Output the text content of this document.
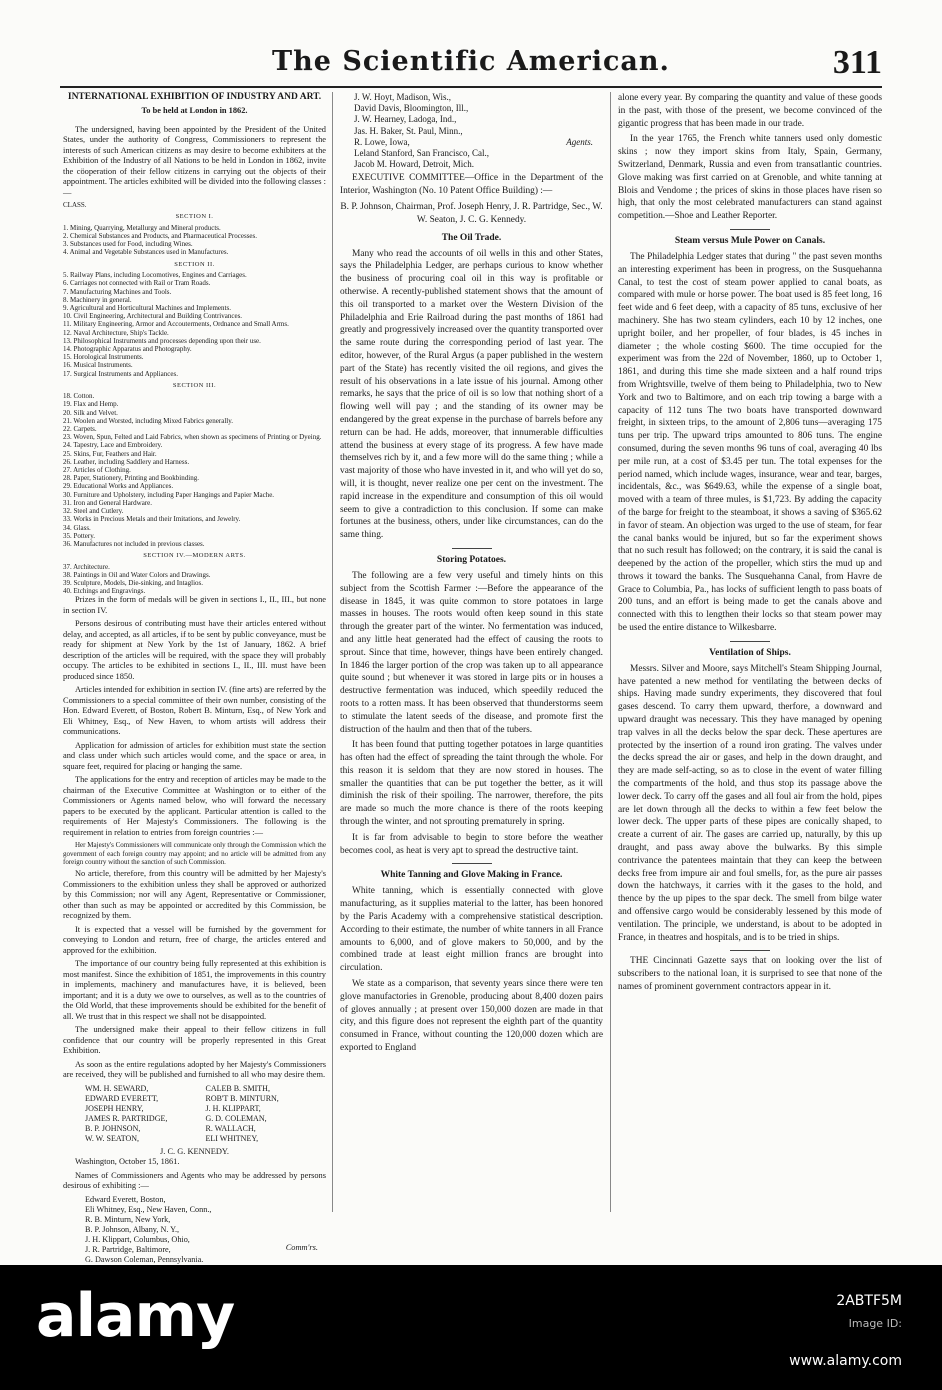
The Scientific American.	311
INTERNATIONAL EXHIBITION OF INDUSTRY AND ART.
To be held at London in 1862.

The undersigned, having been appointed by the President of the United States, under the authority of Congress, Commissioners to represent the interests of such American citizens as may desire to become exhibiters at the Exhibition of the Industry of all Nations to be held in London in 1862, invite the cöoperation of their fellow citizens in carrying out the objects of their appointment. The articles exhibited will be divided into the following classes :—

CLASS.
SECTION I.
1. Mining, Quarrying, Metallurgy and Mineral products.
2. Chemical Substances and Products, and Pharmaceutical Processes.
3. Substances used for Food, including Wines.
4. Animal and Vegetable Substances used in Manufactures.
SECTION II.
5. Railway Plans, including Locomotives, Engines and Carriages.
6. Carriages not connected with Rail or Tram Roads.
7. Manufacturing Machines and Tools.
8. Machinery in general.
9. Agricultural and Horticultural Machines and Implements.
10. Civil Engineering, Architectural and Building Contrivances.
11. Military Engineering, Armor and Accouterments, Ordnance and Small Arms.
12. Naval Architecture, Ship's Tackle.
13. Philosophical Instruments and processes depending upon their use.
14. Photographic Apparatus and Photography.
15. Horological Instruments.
16. Musical Instruments.
17. Surgical Instruments and Appliances.
SECTION III.
18. Cotton.
19. Flax and Hemp.
20. Silk and Velvet.
21. Woolen and Worsted, including Mixed Fabrics generally.
22. Carpets.
23. Woven, Spun, Felted and Laid Fabrics, when shown as specimens of Printing or Dyeing.
24. Tapestry, Lace and Embroidery.
25. Skins, Fur, Feathers and Hair.
26. Leather, including Saddlery and Harness.
27. Articles of Clothing.
28. Paper, Stationery, Printing and Bookbinding.
29. Educational Works and Appliances.
30. Furniture and Upholstery, including Paper Hangings and Papier Mache.
31. Iron and General Hardware.
32. Steel and Cutlery.
33. Works in Precious Metals and their Imitations, and Jewelry.
34. Glass.
35. Pottery.
36. Manufactures not included in previous classes.
SECTION IV.—MODERN ARTS.
37. Architecture.
38. Paintings in Oil and Water Colors and Drawings.
39. Sculpture, Models, Die-sinking, and Intaglios.
40. Etchings and Engravings.

Prizes in the form of medals will be given in sections I., II., III., but none in section IV.

Persons desirous of contributing must have their articles entered without delay, and accepted, as all articles, if to be sent by public conveyance, must be ready for shipment at New York by the 1st of January, 1862. A brief description of the articles will be required, with the space they will probably occupy. The articles to be exhibited in sections I., II., III. must have been produced since 1850.

Articles intended for exhibition in section IV. (fine arts) are referred by the Commissioners to a special committee of their own number, consisting of the Hon. Edward Everett, of Boston, Robert B. Minturn, Esq., of New York and Eli Whitney, Esq., of New Haven, to whom artists will address their communications.

Application for admission of articles for exhibition must state the section and class under which such articles would come, and the space or area, in square feet, required for placing or hanging the same.

The applications for the entry and reception of articles may be made to the chairman of the Executive Committee at Washington or to either of the Commissioners or Agents named below, who will forward the necessary papers to be executed by the applicant. Particular attention is called to the requirements of Her Majesty's Commissioners. The following is the requirement in relation to entries from foreign countries :—

Her Majesty's Commissioners will communicate only through the Commission which the government of each foreign country may appoint; and no article will be admitted from any foreign country without the sanction of such Commission.

No article, therefore, from this country will be admitted by her Majesty's Commissioners to the exhibition unless they shall be approved or authorized by this Commission; nor will any Agent, Representative or Commissioner, other than such as may be appointed or accredited by this Commission, be recognized by them.

It is expected that a vessel will be furnished by the government for conveying to London and return, free of charge, the articles entered and approved for the exhibition.

The importance of our country being fully represented at this exhibition is most manifest. Since the exhibition of 1851, the improvements in this country in implements, machinery and manufactures have, it is believed, been important; and it is a duty we owe to ourselves, as well as to the countries of the Old World, that these improvements should be exhibited for the benefit of all. We trust that in this respect we shall not be disappointed.

The undersigned make their appeal to their fellow citizens in full confidence that our country will be properly represented in this Great Exhibition.

As soon as the entire regulations adopted by her Majesty's Commissioners are received, they will be published and furnished to all who may desire them.

WM. H. SEWARD,	CALEB B. SMITH,
EDWARD EVERETT,	ROB'T B. MINTURN,
JOSEPH HENRY,	J. H. KLIPPART,
JAMES R. PARTRIDGE,	G. D. COLEMAN,
B. P. JOHNSON,	R. WALLACH,
W. W. SEATON,	ELI WHITNEY,
J. C. G. KENNEDY.

Washington, October 15, 1861.

Names of Commissioners and Agents who may be addressed by persons desirous of exhibiting :—

Edward Everett, Boston,
Eli Whitney, Esq., New Haven, Conn.,
R. B. Minturn, New York,
B. P. Johnson, Albany, N. Y.,
J. H. Klippart, Columbus, Ohio,
J. R. Partridge, Baltimore,
G. Dawson Coleman, Pennsylvania.
Comm'rs.
J. W. Hoyt, Madison, Wis.,
David Davis, Bloomington, Ill.,
J. W. Hearney, Ladoga, Ind.,
Jas. H. Baker, St. Paul, Minn.,
R. Lowe, Iowa,
Leland Stanford, San Francisco, Cal.,
Jacob M. Howard, Detroit, Mich.
Agents.

EXECUTIVE COMMITTEE—Office in the Department of the Interior, Washington (No. 10 Patent Office Building) :—

B. P. Johnson, Chairman, Prof. Joseph Henry, J. R. Partridge, Sec., W. W. Seaton, J. C. G. Kennedy.

The Oil Trade.

Many who read the accounts of oil wells in this and other States, says the Philadelphia Ledger, are perhaps curious to know whether the business of procuring coal oil in this way is profitable or otherwise. A recently-published statement shows that the amount of this oil transported to a market over the Western Division of the Philadelphia and Erie Railroad during the past months of 1861 had greatly and progressively increased over the quantity transported over the same route during the corresponding period of last year. The editor, however, of the Rural Argus (a paper published in the western part of the State) has recently visited the oil regions, and gives the result of his observations in a late issue of his journal. Among other remarks, he says that the price of oil is so low that nothing short of a flowing well will pay ; and the standing of its owner may be endangered by the great expense in the purchase of barrels before any return can be had. He adds, moreover, that innumerable difficulties attend the business at every stage of its progress. A few have made themselves rich by it, and a few more will do the same thing ; while a vast majority of those who have invested in it, and who will yet do so, will, it is thought, never realize one per cent on the investment. The rapid increase in the expenditure and consumption of this oil would seem to give a contradiction to this conclusion. If some can make fortunes at the business, others, under like circumstances, can do the same thing.

Storing Potatoes.

The following are a few very useful and timely hints on this subject from the Scottish Farmer :—Before the appearance of the disease in 1845, it was quite common to store potatoes in large masses in houses. The roots would often keep sound in this state through the greater part of the winter. No fermentation was induced, and any little heat generated had the effect of causing the roots to sprout. Since that time, however, things have been entirely changed. In 1846 the larger portion of the crop was taken up to all appearance quite sound ; but whenever it was stored in large pits or in houses a destructive fermentation was induced, which speedily reduced the roots to a rotten mass. It has been observed that thunderstorms seem to stimulate the latent seeds of the disease, and promote first the distruction of the haulm and then that of the tubers.

It has been found that putting together potatoes in large quantities has often had the effect of spreading the taint through the whole. For this reason it is seldom that they are now stored in houses. The smaller the quantities that can be put together the better, as it will diminish the risk of their spoiling. The narrower, therefore, the pits are made so much the more chance is there of the roots keeping through the winter, and not sprouting prematurely in spring.

It is far from advisable to begin to store before the weather becomes cool, as heat is very apt to spread the destructive taint.

White Tanning and Glove Making in France.

White tanning, which is essentially connected with glove manufacturing, as it supplies material to the latter, has been honored by the Paris Academy with a comprehensive statistical description. According to their estimate, the number of white tanners in all France amounts to 6,000, and of glove makers to 50,000, and by the combined trade at least eight million francs are brought into circulation.

We state as a comparison, that seventy years since there were ten glove manufactories in Grenoble, producing about 8,400 dozen pairs of gloves annually ; at present over 150,000 dozen are made in that city, and this figure does not represent the eighth part of the quantity consumed in France, without counting the 120,000 dozen which are exported to England

alone every year. By comparing the quantity and value of these goods in the past, with those of the present, we become convinced of the gigantic progress that has been made in our trade.

In the year 1765, the French white tanners used only domestic skins ; now they import skins from Italy, Spain, Germany, Switzerland, Denmark, Russia and even from transatlantic countries. Glove making was first carried on at Grenoble, and white tanning at Blois and Vendome ; the prices of skins in those places have risen so high, that only the most celebrated manufacturers can stand against competition.—Shoe and Leather Reporter.

Steam versus Mule Power on Canals.

The Philadelphia Ledger states that during " the past seven months an interesting experiment has been in progress, on the Susquehanna Canal, to test the cost of steam power applied to canal boats, as compared with mule or horse power. The boat used is 85 feet long, 16 feet wide and 6 feet deep, with a capacity of 85 tuns, exclusive of her machinery. She has two steam cylinders, each 10 by 12 inches, one upright boiler, and her propeller, of four blades, is 45 inches in diameter ; the whole costing $600. The time occupied for the experiment was from the 22d of November, 1860, up to October 1, 1861, and during this time she made sixteen and a half round trips from Wrightsville, twelve of them being to Philadelphia, two to New York and two to Baltimore, and on each trip towing a barge with a capacity of 112 tuns The two boats have transported downward freight, in sixteen trips, to the amount of 2,806 tuns—averaging 175 tuns per trip. The upward trips amounted to 806 tuns. The engine consumed, during the seven months 96 tuns of coal, averaging 40 lbs per mile run, at a cost of $3.45 per tun. The total expenses for the period named, which include wages, insurance, wear and tear, barges, incidentals, &c., was $649.63, while the expense of a single boat, moved with a team of three mules, is $1,723. By adding the capacity of the barge for freight to the steamboat, it shows a saving of $365.62 in favor of steam. An objection was urged to the use of steam, for fear the canal banks would be injured, but so far the experiment shows that no such result has followed; on the contrary, it is said the canal is deepened by the action of the propeller, which stirs the mud up and throws it toward the banks. The Susquehanna Canal, from Havre de Grace to Columbia, Pa., has locks of sufficient length to pass boats of 200 tuns, and an effort is being made to get the canals above and connected with this to lengthen their locks so that steam power may be used the entire distance to Wilkesbarre.

Ventilation of Ships.

Messrs. Silver and Moore, says Mitchell's Steam Shipping Journal, have patented a new method for ventilating the between decks of ships. Having made sundry experiments, they discovered that foul gases descend. To carry them upward, therfore, a downward and upward draught was necessary. This they have managed by opening trap valves in all the decks below the spar deck. These apertures are protected by the insertion of a round iron grating. The valves under the decks spread the air or gases, and help in the down draught, and they are made self-acting, so as to close in the event of water filling the compartments of the hold, and thus stop its passage above the lower deck. To carry off the gases and all foul air from the hold, pipes are let down through all the decks to within a few feet below the lower deck. The upper parts of these pipes are conically shaped, to create a current of air. The gases are carried up, naturally, by this up draught, and pass away above the bulwarks. By this simple contrivance the patentees maintain that they can keep the between decks free from impure air and foul smells, for, as the pure air passes down the hatchways, it carries with it the gases to the hold, and thence by the up pipes to the spar deck. The smell from bilge water and offensive cargo would be considerably lessened by this mode of ventilation. The principle, we understand, is about to be adopted in France, in theatres and hospitals, and is to be tried in ships.

THE Cincinnati Gazette says that on looking over the list of subscribers to the national loan, it is surprised to see that none of the names of prominent government contractors appear in it.

alamy	2ABTF5M
Image ID:
www.alamy.com
